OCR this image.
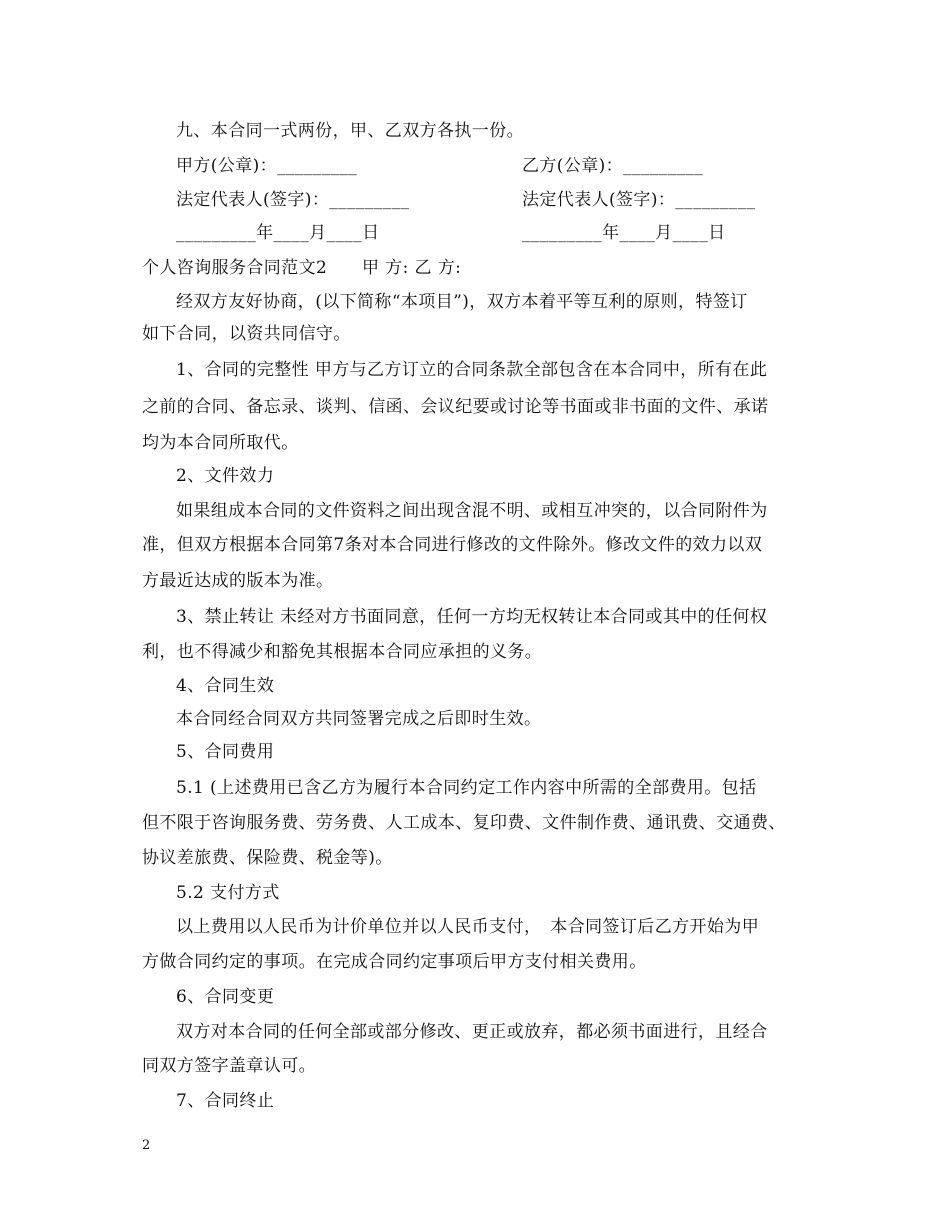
九、本合同一式两份，甲、乙双方各执一份。
甲方(公章)：_________	乙方(公章)：_________
法定代表人(签字)：_________	法定代表人(签字)：_________
_________年____月____日	_________年____月____日
个人咨询服务合同范文2　　甲 方: 乙 方:
经双方友好协商，(以下简称“本项目”)，双方本着平等互利的原则，特签订
如下合同，以资共同信守。
1、合同的完整性 甲方与乙方订立的合同条款全部包含在本合同中，所有在此
之前的合同、备忘录、谈判、信函、会议纪要或讨论等书面或非书面的文件、承诺
均为本合同所取代。
2、文件效力
如果组成本合同的文件资料之间出现含混不明、或相互冲突的，以合同附件为
准，但双方根据本合同第7条对本合同进行修改的文件除外。修改文件的效力以双
方最近达成的版本为准。
3、禁止转让 未经对方书面同意，任何一方均无权转让本合同或其中的任何权
利，也不得减少和豁免其根据本合同应承担的义务。
4、合同生效
本合同经合同双方共同签署完成之后即时生效。
5、合同费用
5.1 (上述费用已含乙方为履行本合同约定工作内容中所需的全部费用。包括
但不限于咨询服务费、劳务费、人工成本、复印费、文件制作费、通讯费、交通费、
协议差旅费、保险费、税金等)。
5.2 支付方式
以上费用以人民币为计价单位并以人民币支付，　本合同签订后乙方开始为甲
方做合同约定的事项。在完成合同约定事项后甲方支付相关费用。
6、合同变更
双方对本合同的任何全部或部分修改、更正或放弃，都必须书面进行，且经合
同双方签字盖章认可。
7、合同终止
2
